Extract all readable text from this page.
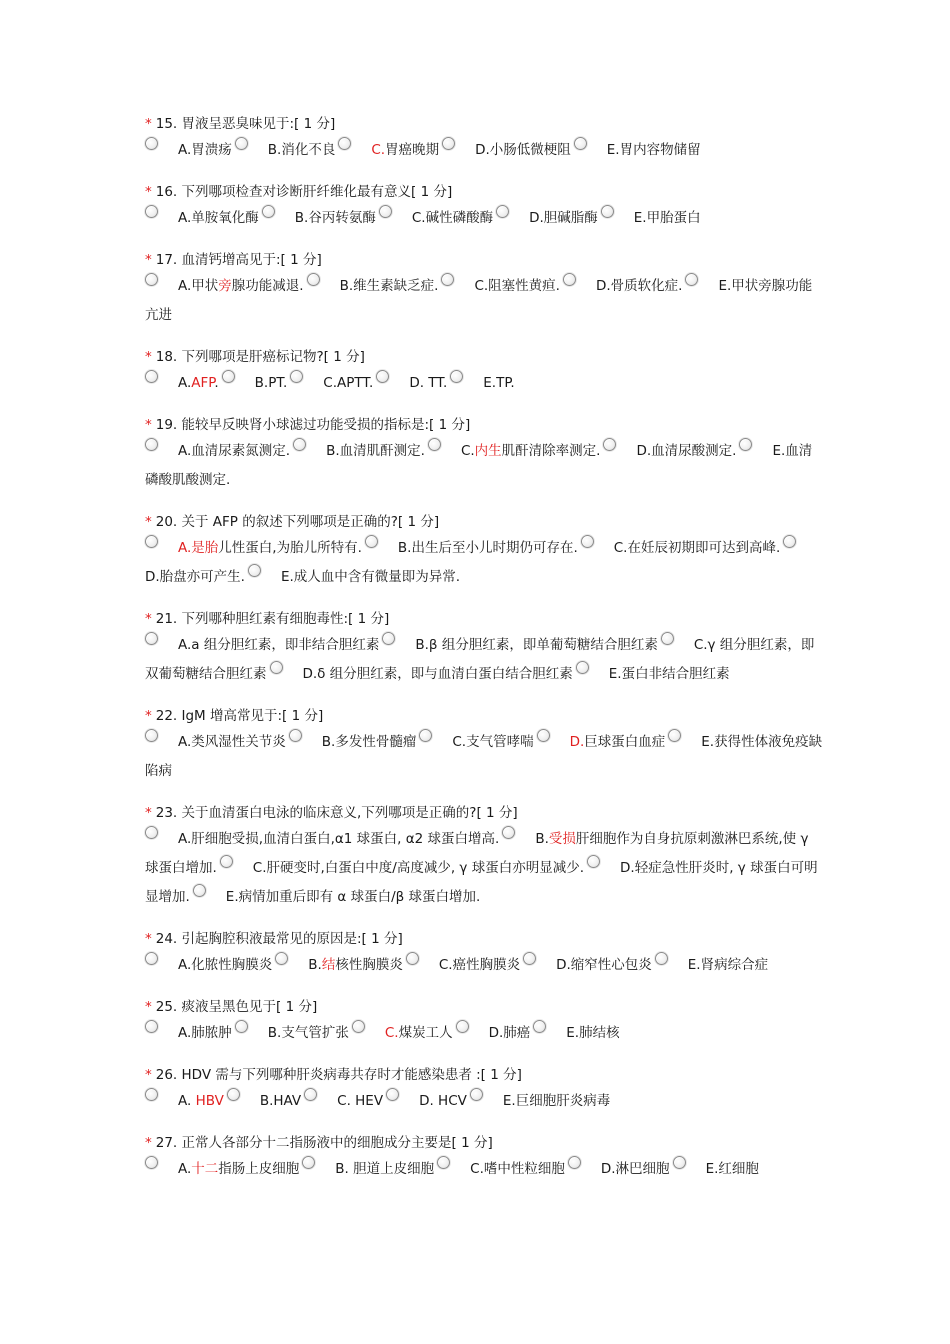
* 15. 胃液呈恶臭味见于:[ 1 分]
A.胃溃疡	B.消化不良	C.胃癌晚期	D.小肠低微梗阻	E.胃内容物储留
* 16. 下列哪项检查对诊断肝纤维化最有意义[ 1 分]
A.单胺氧化酶	B.谷丙转氨酶	C.碱性磷酸酶	D.胆碱脂酶	E.甲胎蛋白
* 17. 血清钙增高见于:[ 1 分]
A.甲状旁腺功能减退.	B.维生素缺乏症.	C.阻塞性黄疸.	D.骨质软化症.	E.甲状旁腺功能亢进
* 18. 下列哪项是肝癌标记物?[ 1 分]
A.AFP.	B.PT.	C.APTT.	D. TT.	E.TP.
* 19. 能较早反映肾小球滤过功能受损的指标是:[ 1 分]
A.血清尿素氮测定.	B.血清肌酐测定.	C.内生肌酐清除率测定.	D.血清尿酸测定.	E.血清磷酸肌酸测定.
* 20. 关于 AFP 的叙述下列哪项是正确的?[ 1 分]
A.是胎儿性蛋白,为胎儿所特有.	B.出生后至小儿时期仍可存在.	C.在妊辰初期即可达到高峰.D.胎盘亦可产生.	E.成人血中含有微量即为异常.
* 21. 下列哪种胆红素有细胞毒性:[ 1 分]
A.a 组分胆红素，即非结合胆红素	B.β 组分胆红素，即单葡萄糖结合胆红素	C.γ 组分胆红素，即双葡萄糖结合胆红素	D.δ 组分胆红素，即与血清白蛋白结合胆红素	E.蛋白非结合胆红素
* 22. IgM 增高常见于:[ 1 分]
A.类风湿性关节炎	B.多发性骨髓瘤	C.支气管哮喘	D.巨球蛋白血症	E.获得性体液免疫缺陷病
* 23. 关于血清蛋白电泳的临床意义,下列哪项是正确的?[ 1 分]
A.肝细胞受损,血清白蛋白,α1 球蛋白, α2 球蛋白增高.	B.受损肝细胞作为自身抗原刺激淋巴系统,使 γ 球蛋白增加.	C.肝硬变时,白蛋白中度/高度减少, γ 球蛋白亦明显减少.	D.轻症急性肝炎时, γ 球蛋白可明显增加.	E.病情加重后即有 α 球蛋白/β 球蛋白增加.
* 24. 引起胸腔积液最常见的原因是:[ 1 分]
A.化脓性胸膜炎	B.结核性胸膜炎	C.癌性胸膜炎	D.缩窄性心包炎	E.肾病综合症
* 25. 痰液呈黑色见于[ 1 分]
A.肺脓肿	B.支气管扩张	C.煤炭工人	D.肺癌	E.肺结核
* 26. HDV 需与下列哪种肝炎病毒共存时才能感染患者 :[ 1 分]
A. HBV	B.HAV	C. HEV	D. HCV	E.巨细胞肝炎病毒
* 27. 正常人各部分十二指肠液中的细胞成分主要是[ 1 分]
A.十二指肠上皮细胞	B. 胆道上皮细胞	C.嗜中性粒细胞	D.淋巴细胞	E.红细胞
